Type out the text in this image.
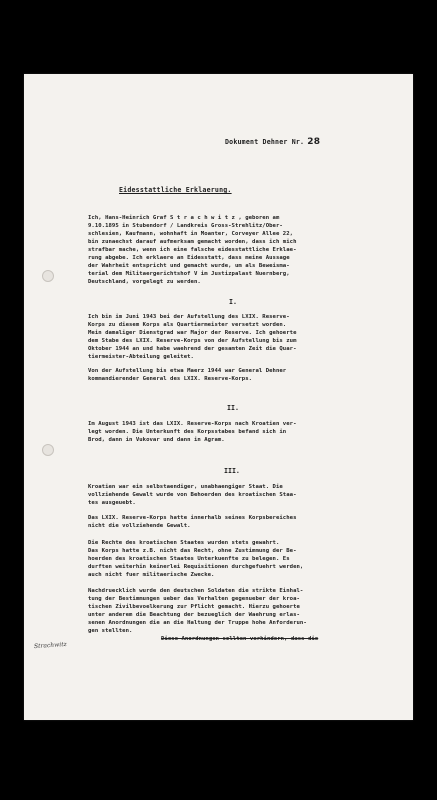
Dokument Dehner Nr. 28
Eidesstattliche Erklaerung.
Ich, Hans-Heinrich Graf S t r a c h w i t z , geboren am
9.10.1895 in Stubendorf / Landkreis Gross-Strehlitz/Ober-
schlesien, Kaufmann, wohnhaft in Moanter, Corveyer Allee 22,
bin zunaechst darauf aufmerksam gemacht worden, dass ich mich
strafbar mache, wenn ich eine falsche eidesstattliche Erklae-
rung abgebe. Ich erklaere an Eidesstatt, dass meine Aussage
der Wahrheit entspricht und gemacht wurde, um als Beweisma-
terial dem Militaergerichtshof V im Justizpalast Nuernberg,
Deutschland, vorgelegt zu werden.
I.
Ich bin im Juni 1943 bei der Aufstellung des LXIX. Reserve-
Korps zu diesem Korps als Quartiermeister versetzt worden.
Mein damaliger Dienstgrad war Major der Reserve. Ich gehoerte
dem Stabe des LXIX. Reserve-Korps von der Aufstellung bis zum
Oktober 1944 an und habe waehrend der gesamten Zeit die Quar-
tiermeister-Abteilung geleitet.
Von der Aufstellung bis etwa Maerz 1944 war General Dehner
kommandierender General des LXIX. Reserve-Korps.
II.
Im August 1943 ist das LXIX. Reserve-Korps nach Kroatien ver-
legt worden. Die Unterkunft des Korpsstabes befand sich in
Brod, dann in Vukovar und dann in Agram.
III.
Kroatien war ein selbstaendiger, unabhaengiger Staat. Die
vollziehende Gewalt wurde von Behoerden des kroatischen Staa-
tes ausgeuebt.
Das LXIX. Reserve-Korps hatte innerhalb seines Korpsbereiches
nicht die vollziehende Gewalt.
Die Rechte des kroatischen Staates wurden stets gewahrt.
Das Korps hatte z.B. nicht das Recht, ohne Zustimmung der Be-
hoerden des kroatischen Staates Unterkuenfte zu belegen. Es
durften weiterhin keinerlei Requisitionen durchgefuehrt werden,
auch nicht fuer militaerische Zwecke.
Nachdruecklich wurde den deutschen Soldaten die strikte Einhal-
tung der Bestimmungen ueber das Verhalten gegenueber der kroa-
tischen Zivilbevoelkerung zur Pflicht gemacht. Hierzu gehoerte
unter anderem die Beachtung der bezueglich der Waehrung erlas-
senen Anordnungen die an die Haltung der Truppe hohe Anforderun-
gen stellten.
Diese Anordnungen sollten verhindern, dass die
Strachwitz
